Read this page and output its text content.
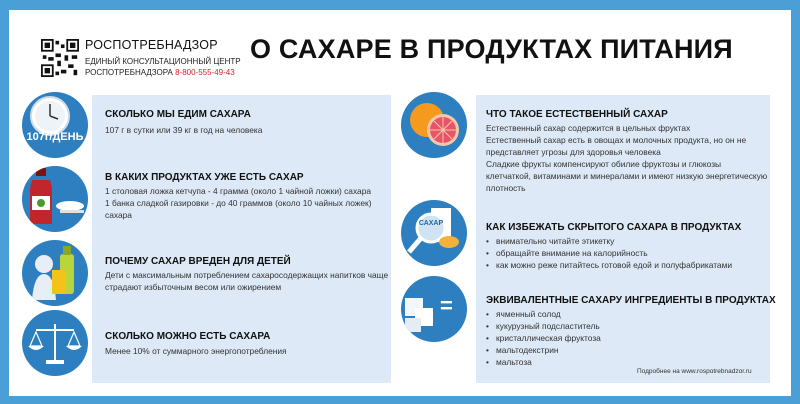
РОСПОТРЕБНАДЗОР
ЕДИНЫЙ КОНСУЛЬТАЦИОННЫЙ ЦЕНТР
РОСПОТРЕБНАДЗОРА 8-800-555-49-43
О САХАРЕ В ПРОДУКТАХ ПИТАНИЯ
107г/ДЕНЬ
СКОЛЬКО МЫ ЕДИМ САХАРА
107 г в сутки или 39 кг в год на человека
В КАКИХ ПРОДУКТАХ УЖЕ ЕСТЬ САХАР
1 столовая ложка кетчупа - 4 грамма (около 1 чайной ложки) сахара
1 банка сладкой газировки - до 40 граммов (около 10 чайных ложек)
сахара
ПОЧЕМУ САХАР ВРЕДЕН ДЛЯ ДЕТЕЙ
Дети с максимальным потреблением сахаросодержащих напитков чаще
страдают избыточным весом или ожирением
СКОЛЬКО МОЖНО ЕСТЬ САХАРА
Менее 10% от суммарного энергопотребления
САХАР
=
ЧТО ТАКОЕ ЕСТЕСТВЕННЫЙ САХАР
Естественный сахар содержится в цельных фруктах
Естественный сахар есть в овощах и молочных продукта, но он не
представляет угрозы для здоровья человека
Сладкие фрукты компенсируют обилие фруктозы и глюкозы
клетчаткой, витаминами и минералами и имеют низкую энергетическую
плотность
КАК ИЗБЕЖАТЬ СКРЫТОГО САХАРА В ПРОДУКТАХ
• внимательно читайте этикетку
• обращайте внимание на калорийность
• как можно реже питайтесь готовой едой и полуфабрикатами
ЭКВИВАЛЕНТНЫЕ САХАРУ ИНГРЕДИЕНТЫ В ПРОДУКТАХ
• ячменный солод
• кукурузный подсластитель
• кристаллическая фруктоза
• мальтодекстрин
• мальтоза
Подробнее на www.rospotrebnadzor.ru
